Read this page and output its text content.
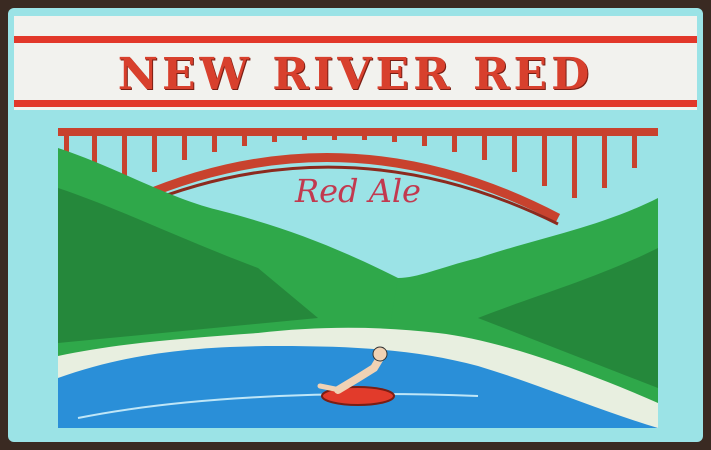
NEW RIVER RED
Red Ale
